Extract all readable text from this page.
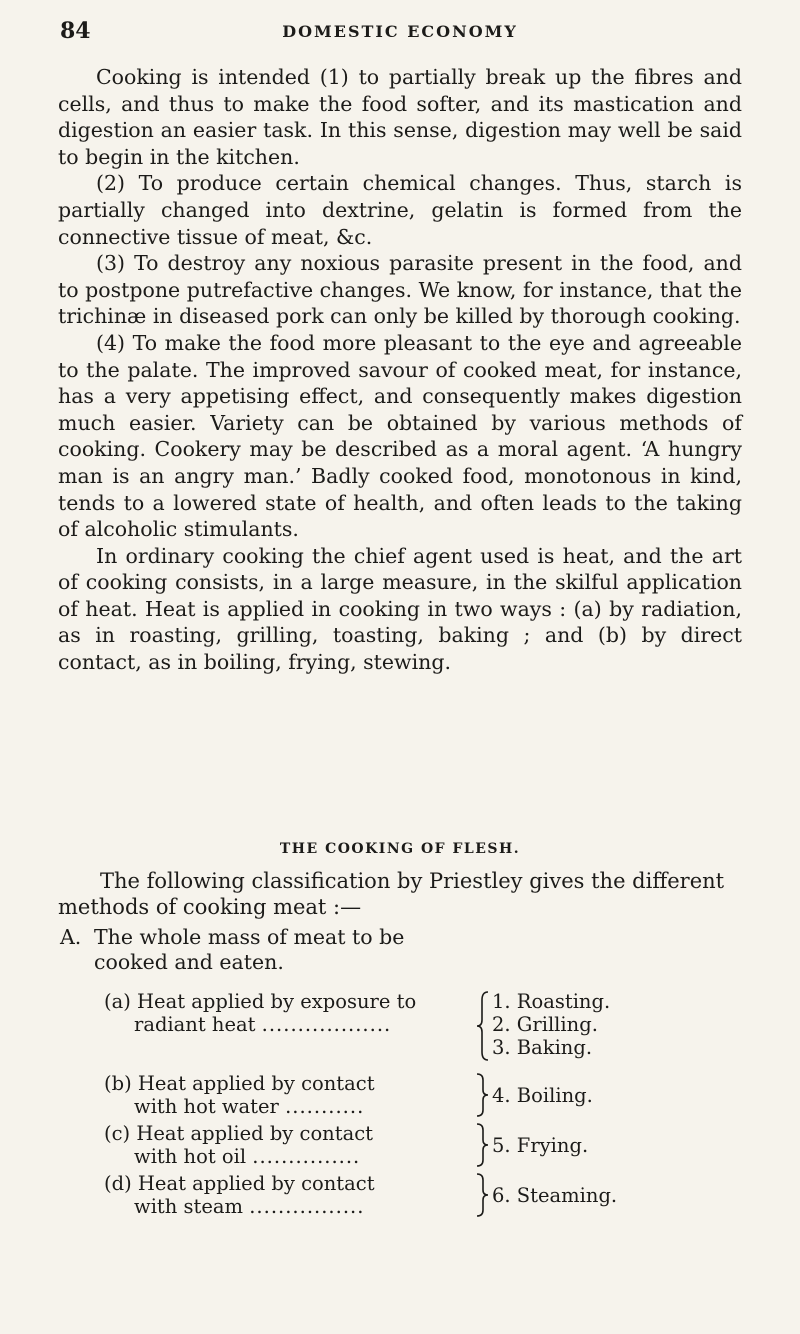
84	DOMESTIC ECONOMY

Cooking is intended (1) to partially break up the fibres and cells, and thus to make the food softer, and its mastication and digestion an easier task. In this sense, digestion may well be said to begin in the kitchen.

(2) To produce certain chemical changes. Thus, starch is partially changed into dextrine, gelatin is formed from the connective tissue of meat, &c.

(3) To destroy any noxious parasite present in the food, and to postpone putrefactive changes. We know, for instance, that the trichinæ in diseased pork can only be killed by thorough cooking.

(4) To make the food more pleasant to the eye and agreeable to the palate. The improved savour of cooked meat, for instance, has a very appetising effect, and consequently makes digestion much easier. Variety can be obtained by various methods of cooking. Cookery may be described as a moral agent. ‘A hungry man is an angry man.’ Badly cooked food, monotonous in kind, tends to a lowered state of health, and often leads to the taking of alcoholic stimulants.

In ordinary cooking the chief agent used is heat, and the art of cooking consists, in a large measure, in the skilful application of heat. Heat is applied in cooking in two ways : (a) by radiation, as in roasting, grilling, toasting, baking ; and (b) by direct contact, as in boiling, frying, stewing.

THE COOKING OF FLESH.

The following classification by Priestley gives the different methods of cooking meat :—

A. The whole mass of meat to be
cooked and eaten.
(a) Heat applied by exposure to
radiant heat ..................
1. Roasting.
2. Grilling.
3. Baking.
(b) Heat applied by contact
with hot water ...........	4. Boiling.
(c) Heat applied by contact
with hot oil ...............	5. Frying.
(d) Heat applied by contact
with steam ................	6. Steaming.
